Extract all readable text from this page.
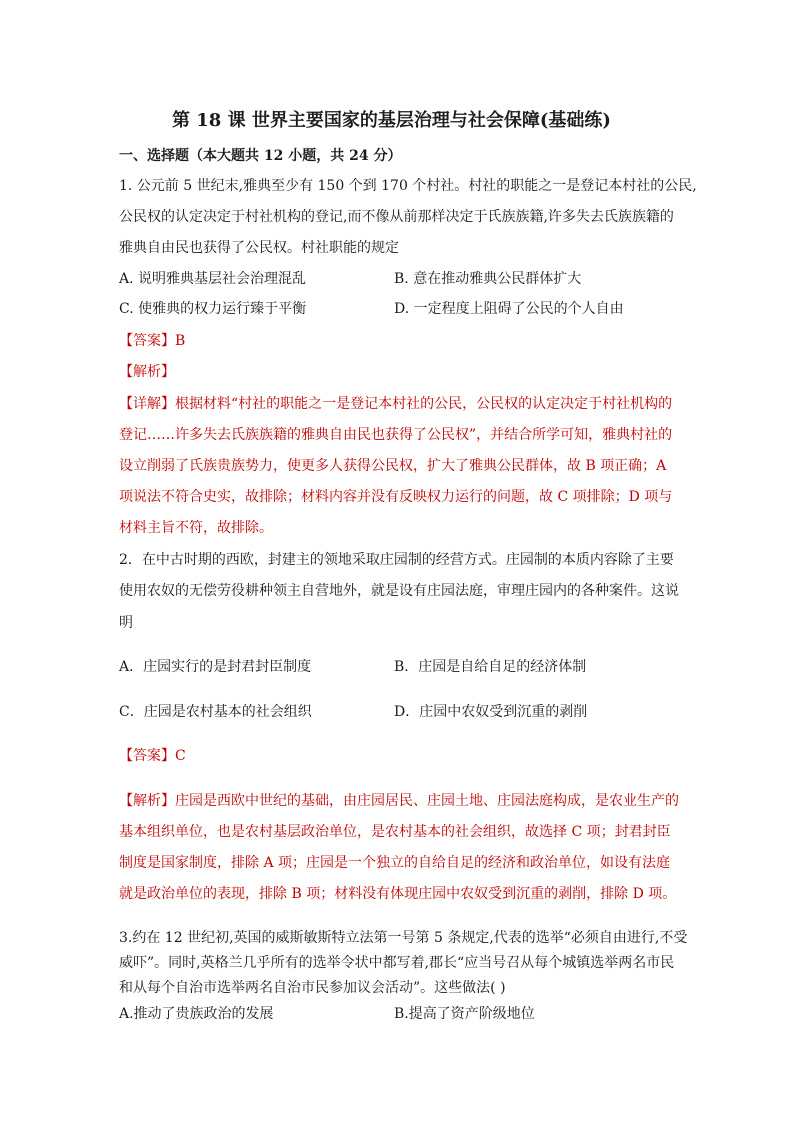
第 18 课 世界主要国家的基层治理与社会保障(基础练)
一、选择题（本大题共 12 小题，共 24 分）
1. 公元前 5 世纪末,雅典至少有 150 个到 170 个村社。村社的职能之一是登记本村社的公民,
公民权的认定决定于村社机构的登记,而不像从前那样决定于氏族族籍,许多失去氏族族籍的
雅典自由民也获得了公民权。村社职能的规定
A. 说明雅典基层社会治理混乱	B. 意在推动雅典公民群体扩大
C. 使雅典的权力运行臻于平衡	D. 一定程度上阻碍了公民的个人自由
【答案】B
【解析】
【详解】根据材料“村社的职能之一是登记本村社的公民，公民权的认定决定于村社机构的
登记……许多失去氏族族籍的雅典自由民也获得了公民权”，并结合所学可知，雅典村社的
设立削弱了氏族贵族势力，使更多人获得公民权，扩大了雅典公民群体，故 B 项正确；A
项说法不符合史实，故排除；材料内容并没有反映权力运行的问题，故 C 项排除；D 项与
材料主旨不符，故排除。
2．在中古时期的西欧，封建主的领地采取庄园制的经营方式。庄园制的本质内容除了主要
使用农奴的无偿劳役耕种领主自营地外，就是设有庄园法庭，审理庄园内的各种案件。这说
明
A．庄园实行的是封君封臣制度	B．庄园是自给自足的经济体制
C．庄园是农村基本的社会组织	D．庄园中农奴受到沉重的剥削
【答案】C
【解析】庄园是西欧中世纪的基础，由庄园居民、庄园土地、庄园法庭构成，是农业生产的
基本组织单位，也是农村基层政治单位，是农村基本的社会组织，故选择 C 项；封君封臣
制度是国家制度，排除 A 项；庄园是一个独立的自给自足的经济和政治单位，如设有法庭
就是政治单位的表现，排除 B 项；材料没有体现庄园中农奴受到沉重的剥削，排除 D 项。
3.约在 12 世纪初,英国的威斯敏斯特立法第一号第 5 条规定,代表的选举“必须自由进行,不受
威吓”。同时,英格兰几乎所有的选举令状中都写着,郡长“应当号召从每个城镇选举两名市民
和从每个自治市选举两名自治市民参加议会活动”。这些做法( )
A.推动了贵族政治的发展	B.提高了资产阶级地位
